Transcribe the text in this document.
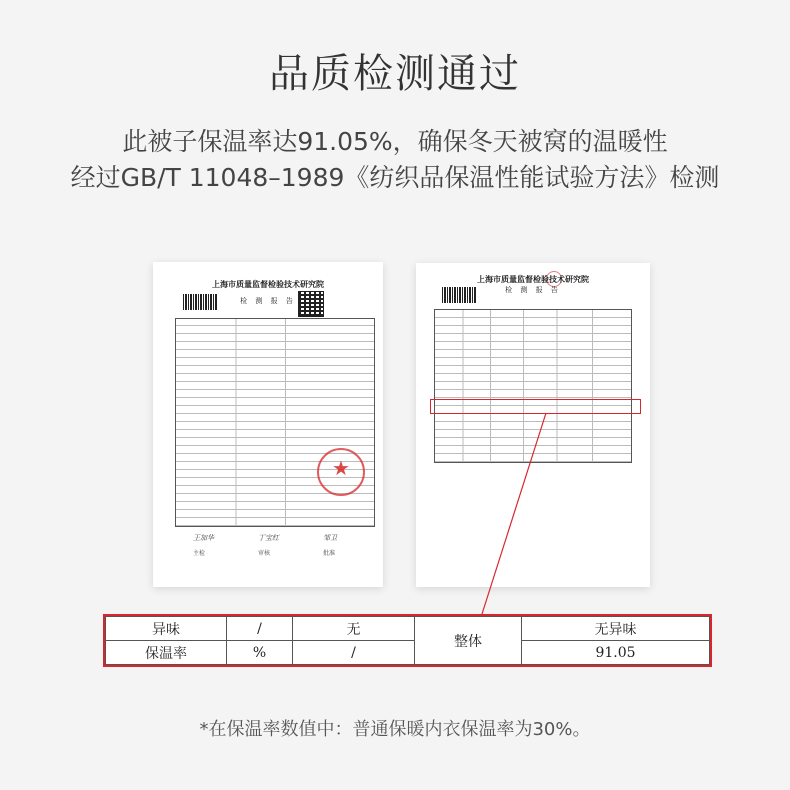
品质检测通过
此被子保温率达91.05%，确保冬天被窝的温暖性
经过GB/T 11048–1989《纺织品保温性能试验方法》检测
上海市质量监督检验技术研究院
检 测 报 告
★
王加华	丁宝红	邹卫
主检	审核	批准
上海市质量监督检验技术研究院
检 测 报 告
异味	/	无	整体	无异味
保温率	%	/		91.05
*在保温率数值中：普通保暖内衣保温率为30%。
